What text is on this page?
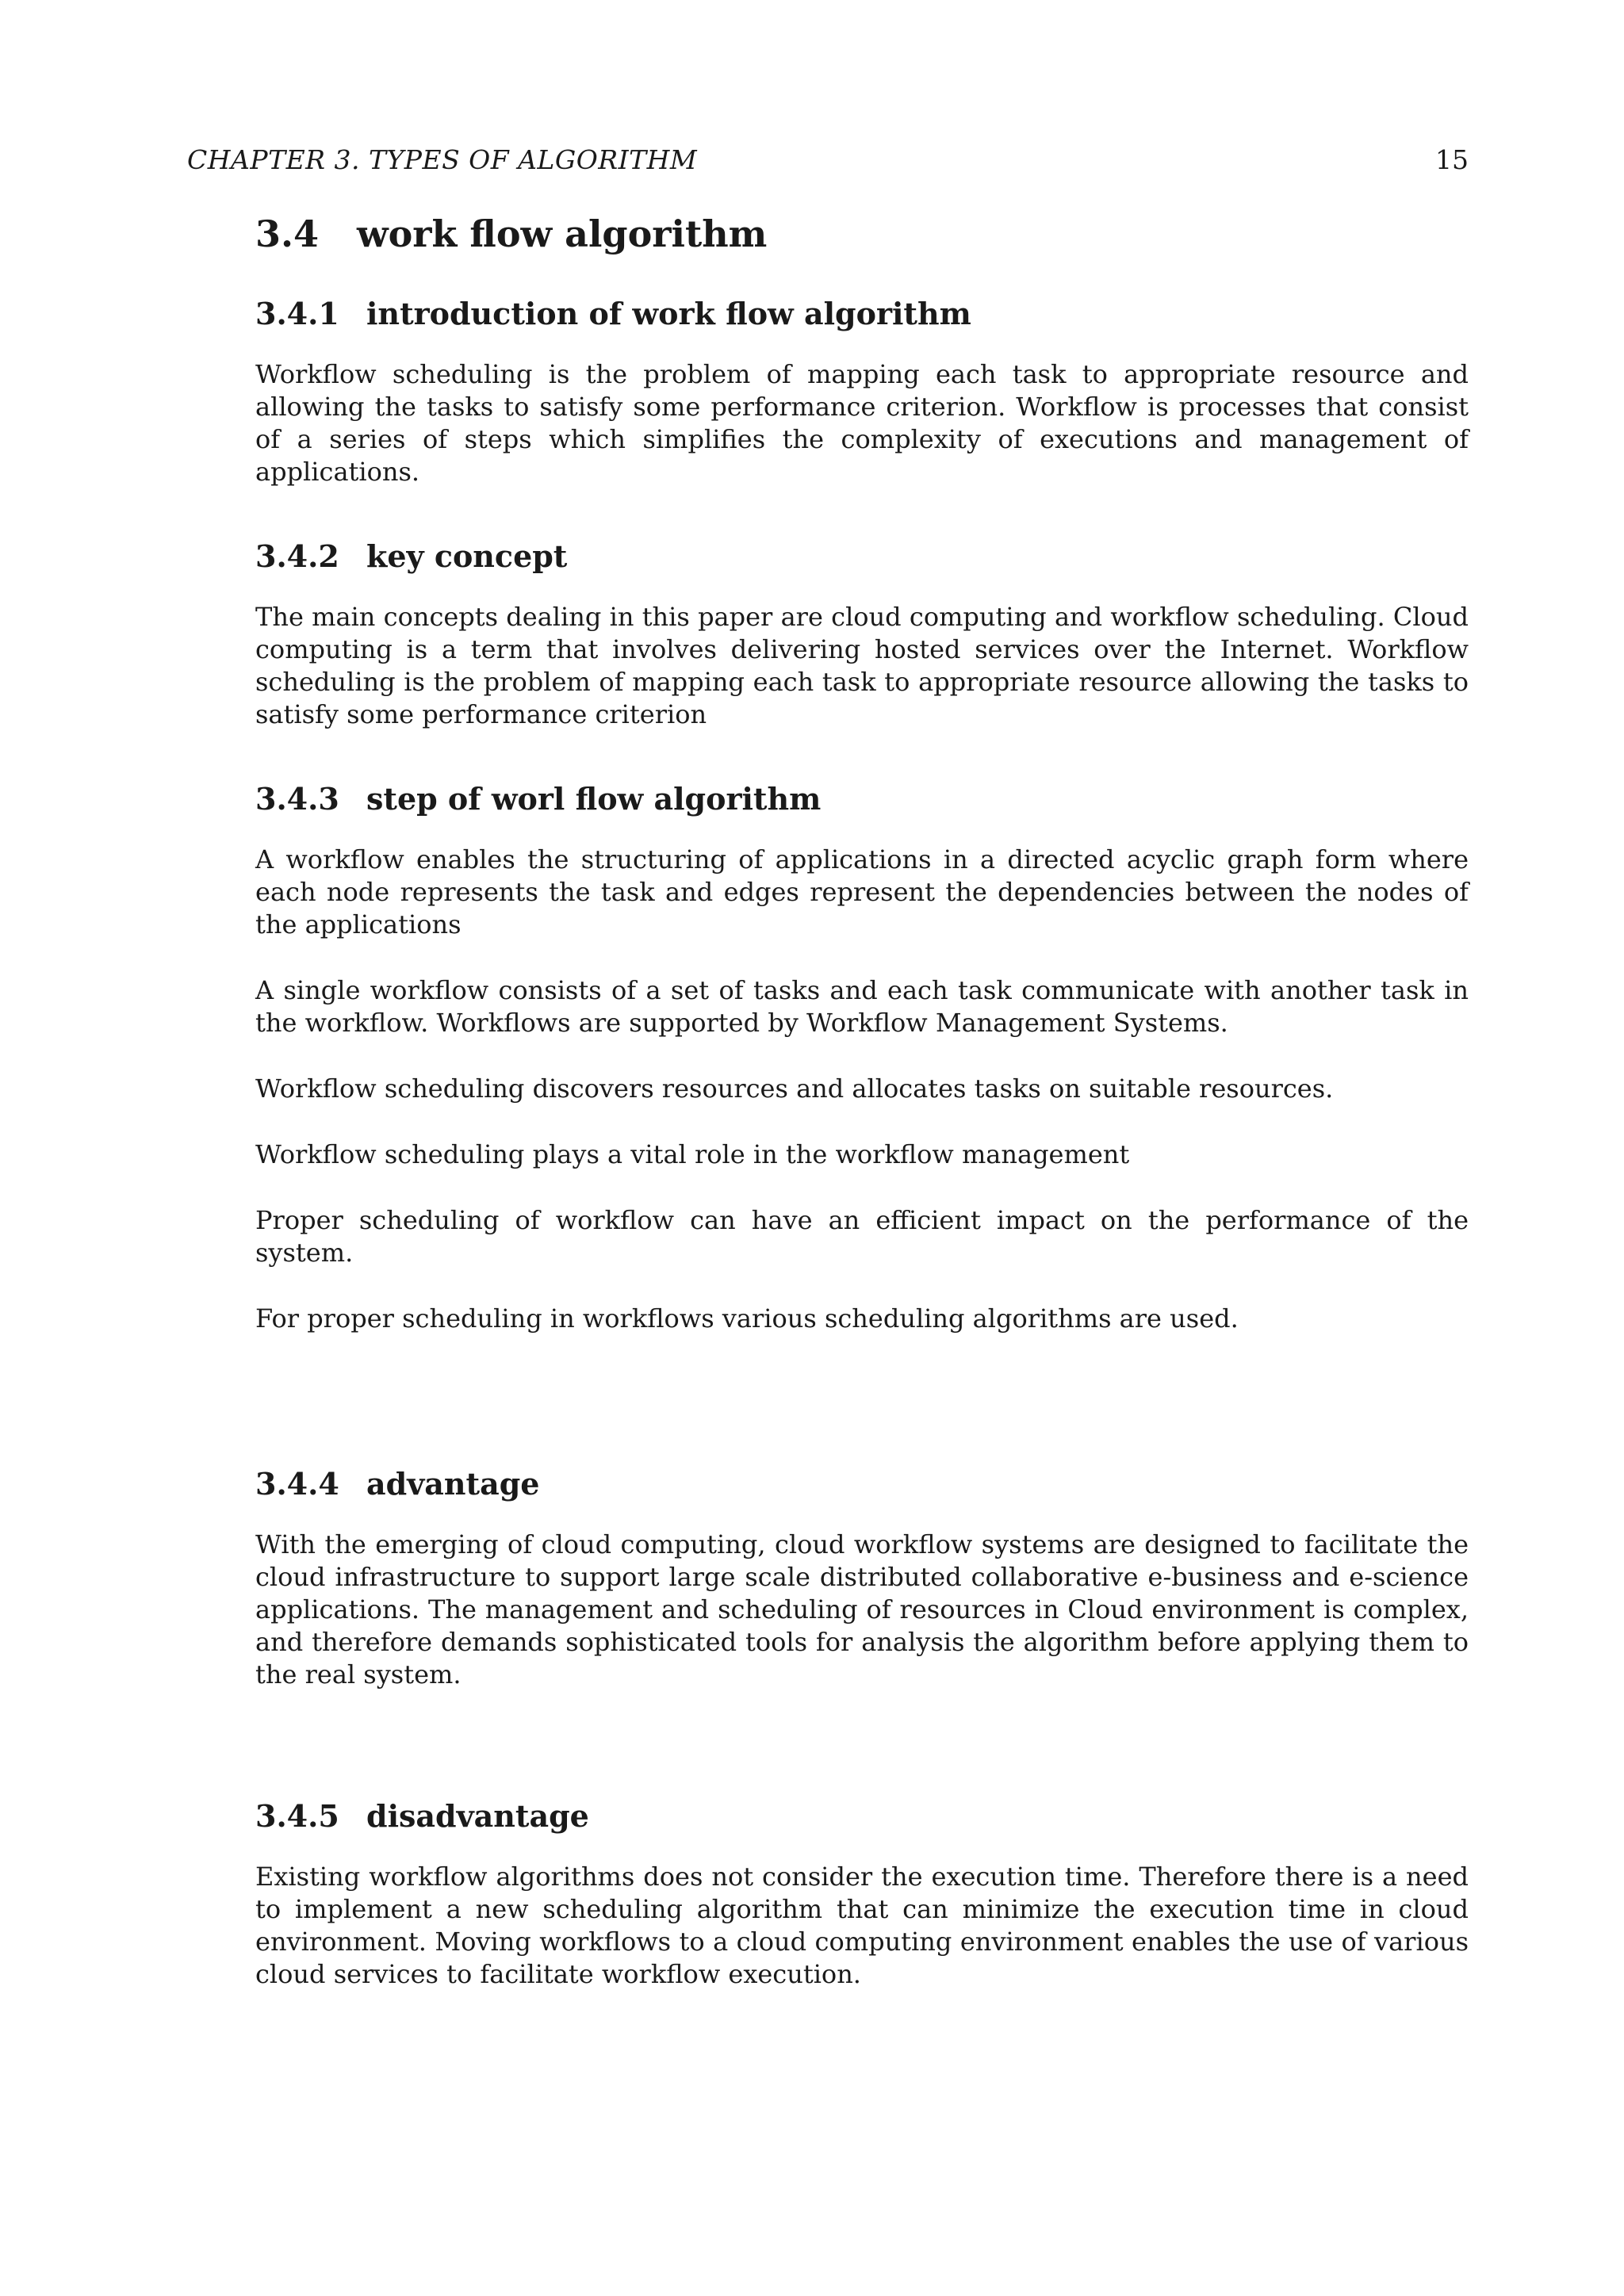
CHAPTER 3. TYPES OF ALGORITHM	15
3.4 work flow algorithm
3.4.1 introduction of work flow algorithm

Workflow scheduling is the problem of mapping each task to appropriate resource and allowing the tasks to satisfy some performance criterion. Workflow is processes that consist of a series of steps which simplifies the complexity of executions and management of applications.

3.4.2 key concept

The main concepts dealing in this paper are cloud computing and workflow scheduling. Cloud computing is a term that involves delivering hosted services over the Internet. Workflow scheduling is the problem of mapping each task to appropriate resource allowing the tasks to satisfy some performance criterion

3.4.3 step of worl flow algorithm

A workflow enables the structuring of applications in a directed acyclic graph form where each node represents the task and edges represent the dependencies between the nodes of the applications

A single workflow consists of a set of tasks and each task communicate with another task in the workflow. Workflows are supported by Workflow Management Systems.

Workflow scheduling discovers resources and allocates tasks on suitable resources.

Workflow scheduling plays a vital role in the workflow management

Proper scheduling of workflow can have an efficient impact on the performance of the system.

For proper scheduling in workflows various scheduling algorithms are used.

3.4.4 advantage

With the emerging of cloud computing, cloud workflow systems are designed to facilitate the cloud infrastructure to support large scale distributed collaborative e-business and e-science applications. The management and scheduling of resources in Cloud environment is complex, and therefore demands sophisticated tools for analysis the algorithm before applying them to the real system.

3.4.5 disadvantage

Existing workflow algorithms does not consider the execution time. Therefore there is a need to implement a new scheduling algorithm that can minimize the execution time in cloud environment. Moving workflows to a cloud computing environment enables the use of various cloud services to facilitate workflow execution.
